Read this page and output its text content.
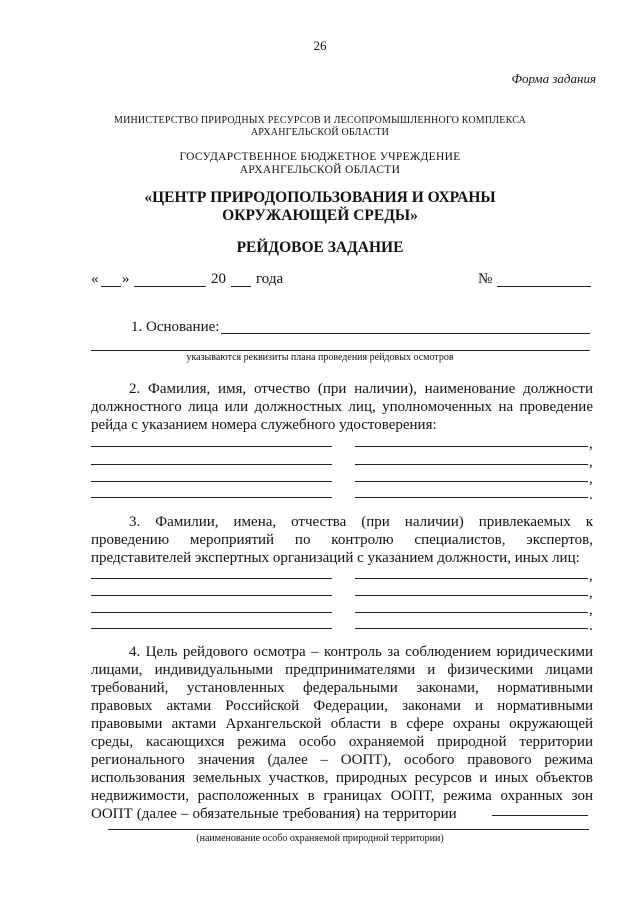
26
Форма задания
МИНИСТЕРСТВО ПРИРОДНЫХ РЕСУРСОВ И ЛЕСОПРОМЫШЛЕННОГО КОМПЛЕКСА
АРХАНГЕЛЬСКОЙ ОБЛАСТИ
ГОСУДАРСТВЕННОЕ БЮДЖЕТНОЕ УЧРЕЖДЕНИЕ
АРХАНГЕЛЬСКОЙ ОБЛАСТИ
«ЦЕНТР ПРИРОДОПОЛЬЗОВАНИЯ И ОХРАНЫ
ОКРУЖАЮЩЕЙ СРЕДЫ»
РЕЙДОВОЕ ЗАДАНИЕ
« »	20 года	№
1. Основание:
указываются реквизиты плана проведения рейдовых осмотров
2. Фамилия, имя, отчество (при наличии), наименование должности должностного лица или должностных лиц, уполномоченных на проведение рейда с указанием номера служебного удостоверения:
,
,
,
.
3. Фамилии, имена, отчества (при наличии) привлекаемых к проведению мероприятий по контролю специалистов, экспертов, представителей экспертных организаций с указанием должности, иных лиц:
,
,
,
.
4. Цель рейдового осмотра – контроль за соблюдением юридическими лицами, индивидуальными предпринимателями и физическими лицами требований, установленных федеральными законами, нормативными правовых актами Российской Федерации, законами и нормативными правовыми актами Архангельской области в сфере охраны окружающей среды, касающихся режима особо охраняемой природной территории регионального значения (далее – ООПТ), особого правового режима использования земельных участков, природных ресурсов и иных объектов недвижимости, расположенных в границах ООПТ, режима охранных зон ООПТ (далее – обязательные требования) на территории
(наименование особо охраняемой природной территории)
